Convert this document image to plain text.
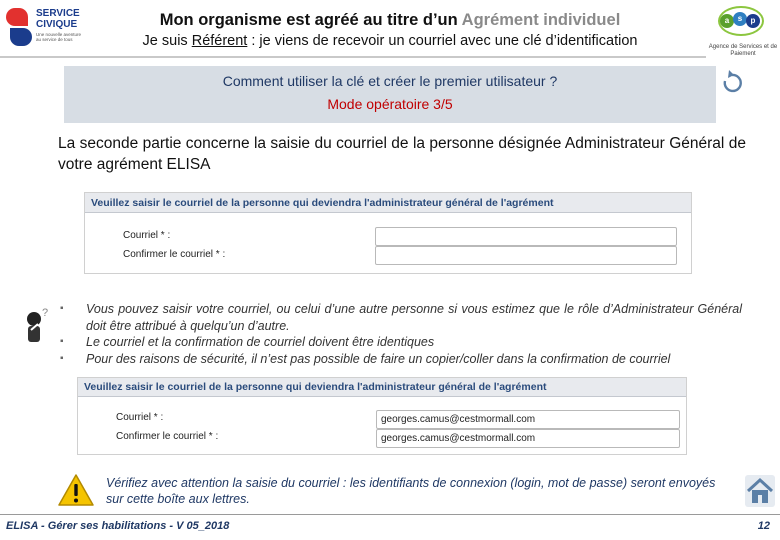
SERVICE
CIVIQUE
Une nouvelle aventure au service de tous
a	s	p
Agence de Services et de Paiement
Mon organisme est agréé au titre d’un Agrément individuel
Je suis Référent : je viens de recevoir un courriel avec une clé d’identification
Comment utiliser la clé et créer le premier utilisateur ?
Mode opératoire 3/5
La seconde partie concerne la saisie du courriel de la personne désignée Administrateur Général de votre agrément ELISA
Veuillez saisir le courriel de la personne qui deviendra l'administrateur général de l'agrément
Courriel * :
Confirmer le courriel * :
? ▪ Vous pouvez saisir votre courriel, ou celui d’une autre personne si vous estimez que le rôle d’Administrateur Général doit être attribué à quelqu’un d’autre.
▪ Le courriel et la confirmation de courriel doivent être identiques
▪ Pour des raisons de sécurité, il n’est pas possible de faire un copier/coller dans la confirmation de courriel
Veuillez saisir le courriel de la personne qui deviendra l'administrateur général de l'agrément
Courriel * :
georges.camus@cestmormall.com
Confirmer le courriel * :
georges.camus@cestmormall.com
Vérifiez avec attention la saisie du courriel : les identifiants de connexion (login, mot de passe) seront envoyés sur cette boîte aux lettres.
ELISA - Gérer ses habilitations - V 05_2018	12
